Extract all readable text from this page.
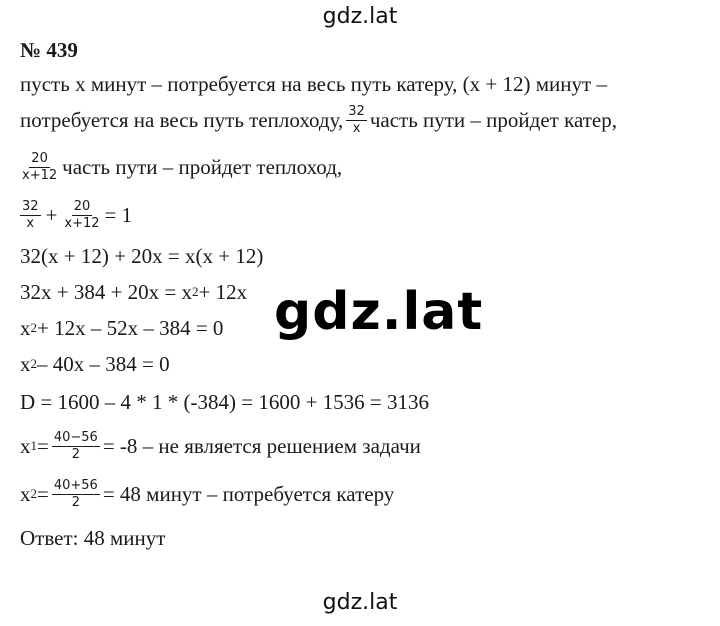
gdz.lat
№ 439
пусть x минут – потребуется на весь путь катеру, (x + 12) минут –
потребуется на весь путь теплоходу, $\frac{32}{x}$ часть пути – пройдет катер,
$\frac{20}{x+12}$ часть пути – пройдет теплоход,
$\frac{32}{x} + \frac{20}{x+12} = 1$
32(x + 12) + 20x = x(x + 12)
32x + 384 + 20x = x 2 + 12x
x 2 + 12x – 52x – 384 = 0
x 2 – 40x – 384 = 0
D = 1600 – 4 * 1 * (-384) = 1600 + 1536 = 3136
x $1 = \frac{40-56}{2} = -8$ – не является решением задачи
x $2 = \frac{40+56}{2} = 48$ минут – потребуется катеру
Ответ: 48 минут
gdz.lat
gdz.lat
